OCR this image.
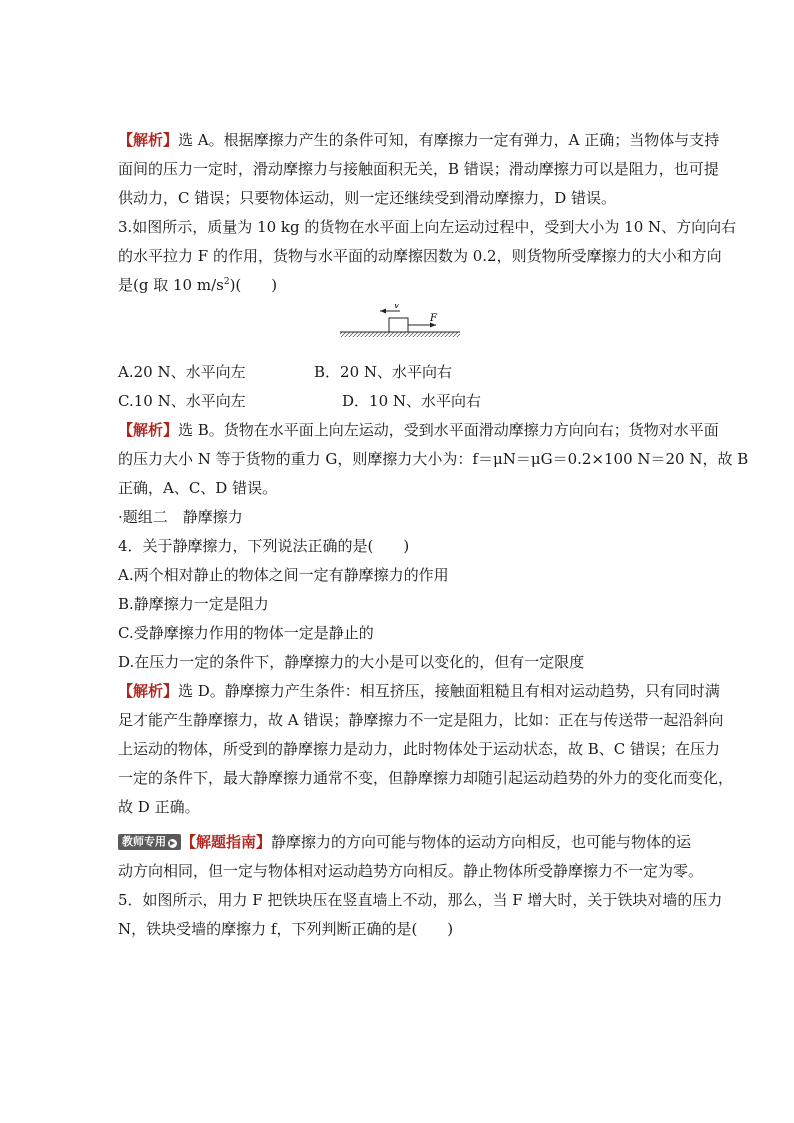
【解析】选 A。根据摩擦力产生的条件可知，有摩擦力一定有弹力，A 正确；当物体与支持
面间的压力一定时，滑动摩擦力与接触面积无关，B 错误；滑动摩擦力可以是阻力，也可提
供动力，C 错误；只要物体运动，则一定还继续受到滑动摩擦力，D 错误。
3.如图所示，质量为 10 kg 的货物在水平面上向左运动过程中，受到大小为 10 N、方向向右
的水平拉力 F 的作用，货物与水平面的动摩擦因数为 0.2，则货物所受摩擦力的大小和方向
是(g 取 10 $m/s^2$)(　　)
v
F
A.20 N、水平向左	B．20 N、水平向右
C.10 N、水平向左	D．10 N、水平向右
【解析】选 B。货物在水平面上向左运动，受到水平面滑动摩擦力方向向右；货物对水平面
的压力大小 N 等于货物的重力 G，则摩擦力大小为：f＝μN＝μG＝0.2×100 N＝20 N，故 B
正确，A、C、D 错误。
·题组二　静摩擦力
4．关于静摩擦力，下列说法正确的是(　　)
A.两个相对静止的物体之间一定有静摩擦力的作用
B.静摩擦力一定是阻力
C.受静摩擦力作用的物体一定是静止的
D.在压力一定的条件下，静摩擦力的大小是可以变化的，但有一定限度
【解析】选 D。静摩擦力产生条件：相互挤压，接触面粗糙且有相对运动趋势，只有同时满
足才能产生静摩擦力，故 A 错误；静摩擦力不一定是阻力，比如：正在与传送带一起沿斜向
上运动的物体，所受到的静摩擦力是动力，此时物体处于运动状态，故 B、C 错误；在压力
一定的条件下，最大静摩擦力通常不变，但静摩擦力却随引起运动趋势的外力的变化而变化，
故 D 正确。
教师专用 ▶ 【解题指南】静摩擦力的方向可能与物体的运动方向相反，也可能与物体的运
动方向相同，但一定与物体相对运动趋势方向相反。静止物体所受静摩擦力不一定为零。
5．如图所示，用力 F 把铁块压在竖直墙上不动，那么，当 F 增大时，关于铁块对墙的压力
N，铁块受墙的摩擦力 f，下列判断正确的是(　　)
